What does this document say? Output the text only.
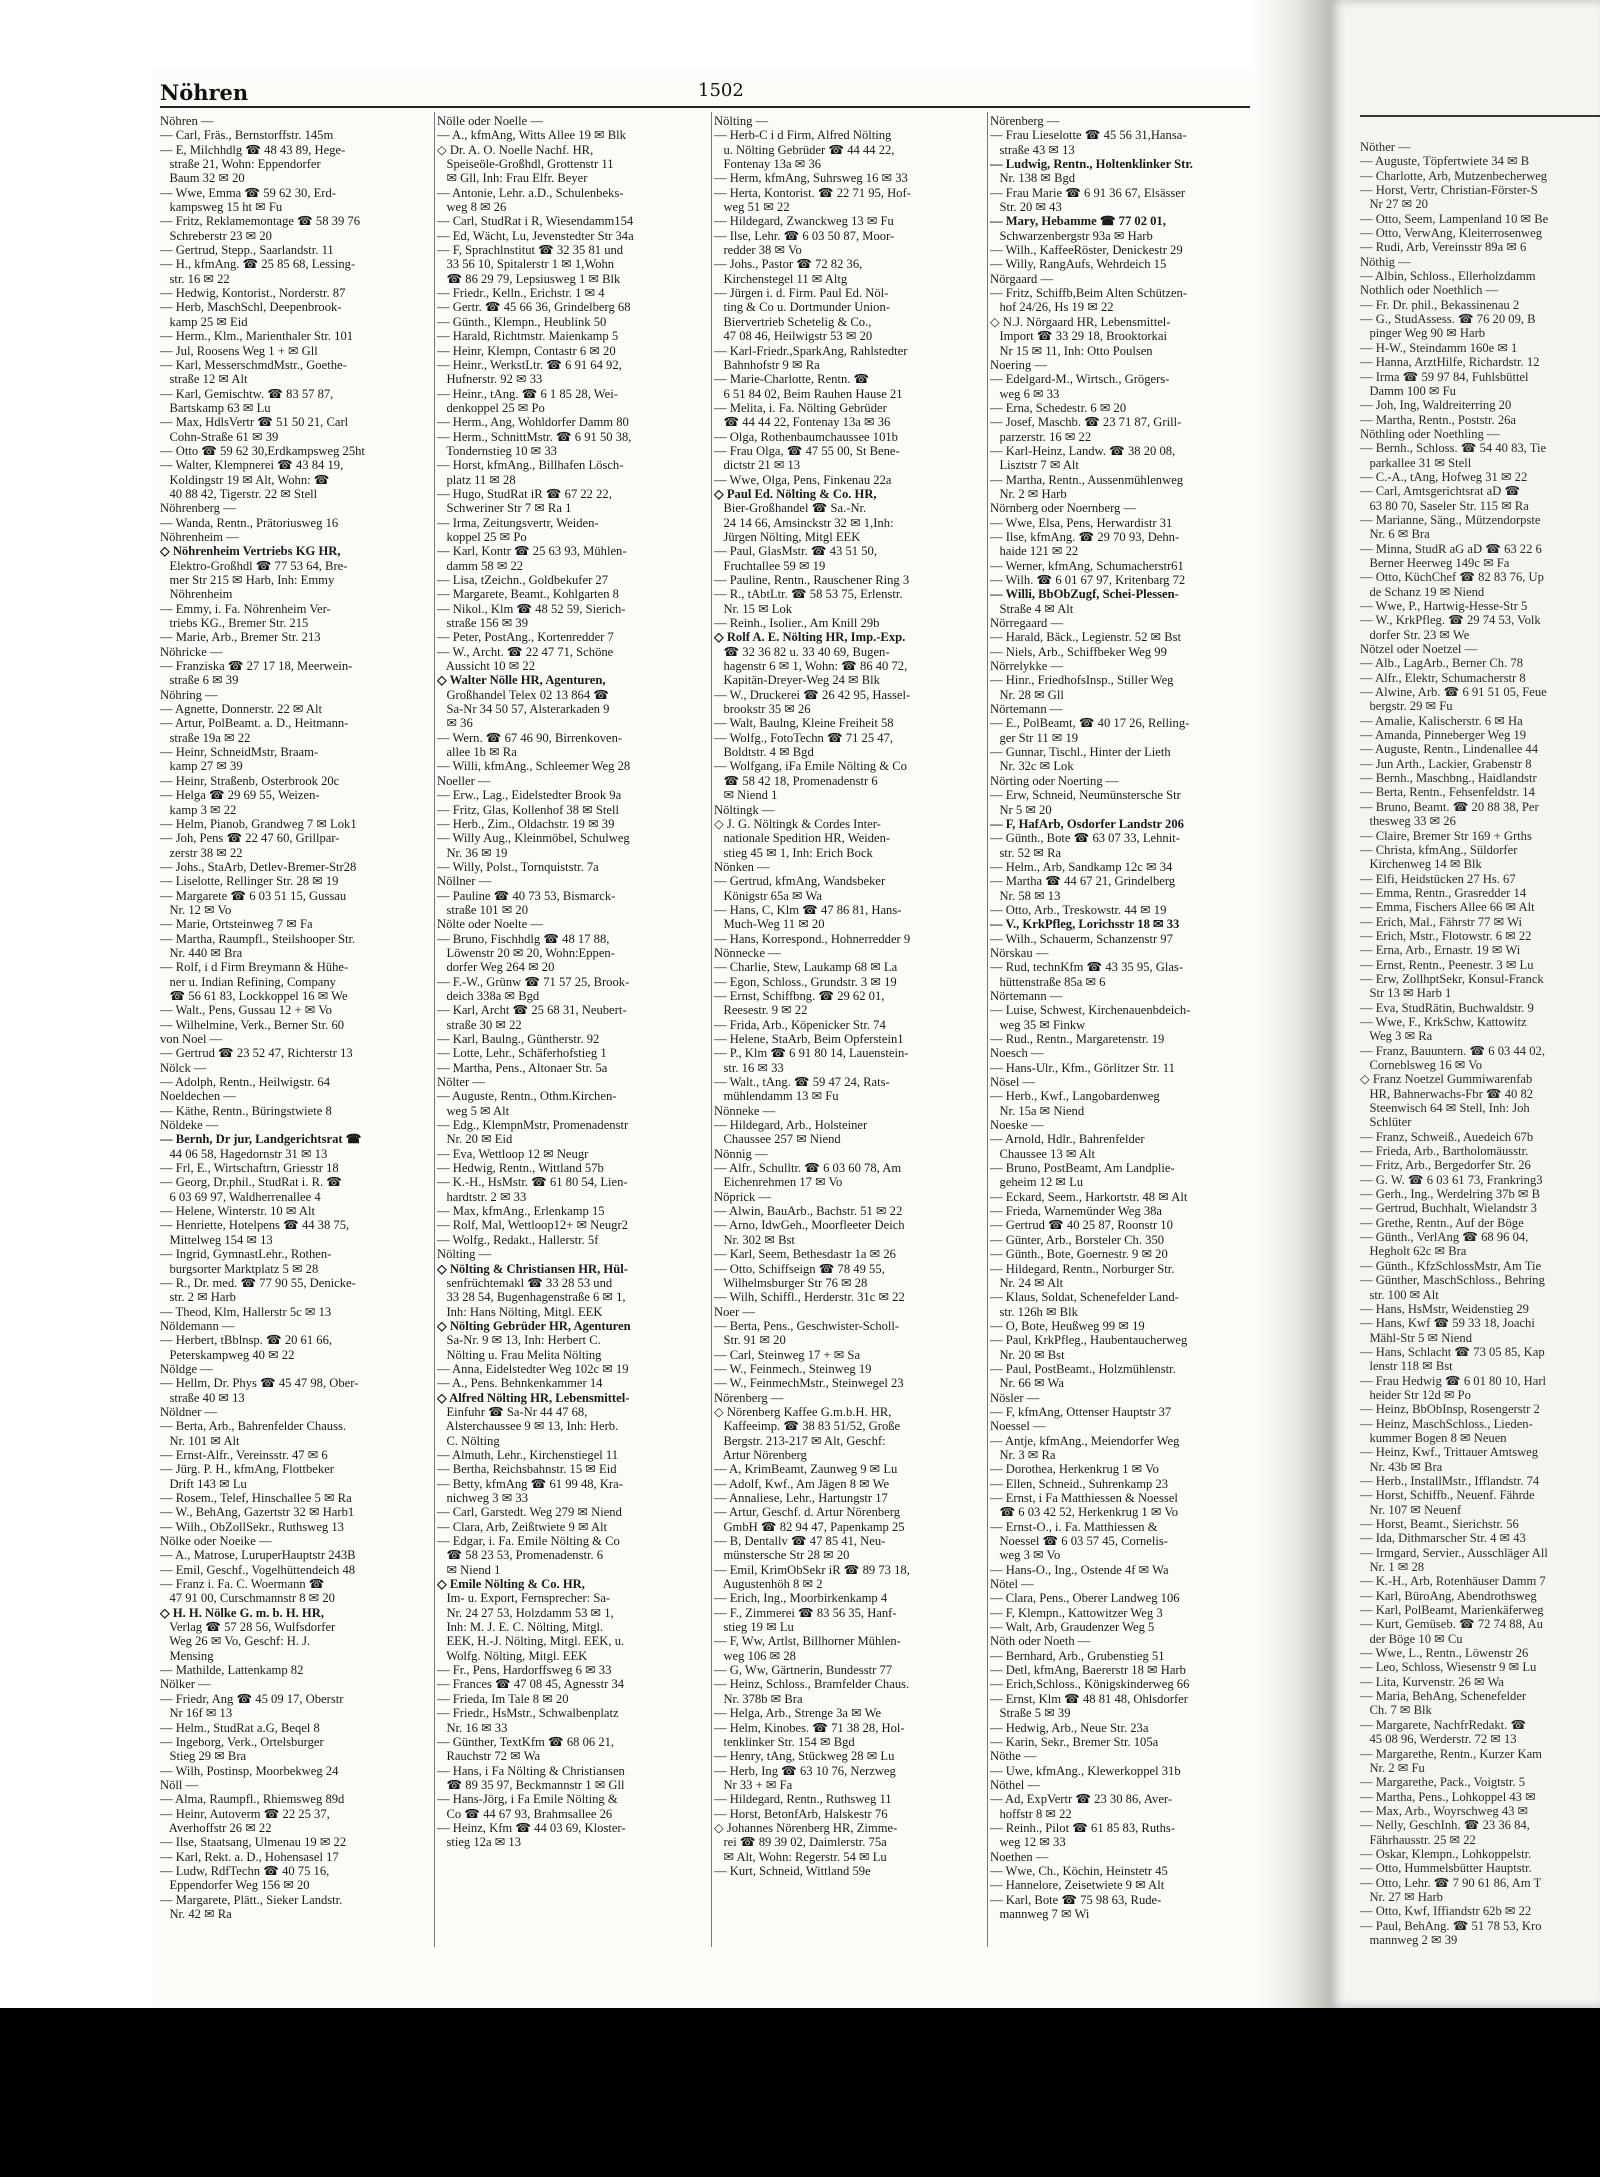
Nöhren	1502
Nöhren —
— Carl, Fräs., Bernstorffstr. 145m
— E, Milchhdlg ☎ 48 43 89, Hege-
straße 21, Wohn: Eppendorfer
Baum 32 ✉ 20
— Wwe, Emma ☎ 59 62 30, Erd-
kampsweg 15 ht ✉ Fu
— Fritz, Reklamemontage ☎ 58 39 76
Schreberstr 23 ✉ 20
— Gertrud, Stepp., Saarlandstr. 11
— H., kfmAng. ☎ 25 85 68, Lessing-
str. 16 ✉ 22
— Hedwig, Kontorist., Norderstr. 87
— Herb, MaschSchl, Deepenbrook-
kamp 25 ✉ Eid
— Herm., Klm., Marienthaler Str. 101
— Jul, Roosens Weg 1 + ✉ Gll
— Karl, MesserschmdMstr., Goethe-
straße 12 ✉ Alt
— Karl, Gemischtw. ☎ 83 57 87,
Bartskamp 63 ✉ Lu
— Max, HdlsVertr ☎ 51 50 21, Carl
Cohn-Straße 61 ✉ 39
— Otto ☎ 59 62 30,Erdkampsweg 25ht
— Walter, Klempnerei ☎ 43 84 19,
Koldingstr 19 ✉ Alt, Wohn: ☎
40 88 42, Tigerstr. 22 ✉ Stell
Nöhrenberg —
— Wanda, Rentn., Prätoriusweg 16
Nöhrenheim —
◇ Nöhrenheim Vertriebs KG HR,
Elektro-Großhdl ☎ 77 53 64, Bre-
mer Str 215 ✉ Harb, Inh: Emmy
Nöhrenheim
— Emmy, i. Fa. Nöhrenheim Ver-
triebs KG., Bremer Str. 215
— Marie, Arb., Bremer Str. 213
Nöhricke —
— Franziska ☎ 27 17 18, Meerwein-
straße 6 ✉ 39
Nöhring —
— Agnette, Donnerstr. 22 ✉ Alt
— Artur, PolBeamt. a. D., Heitmann-
straße 19a ✉ 22
— Heinr, SchneidMstr, Braam-
kamp 27 ✉ 39
— Heinr, Straßenb, Osterbrook 20c
— Helga ☎ 29 69 55, Weizen-
kamp 3 ✉ 22
— Helm, Pianob, Grandweg 7 ✉ Lok1
— Joh, Pens ☎ 22 47 60, Grillpar-
zerstr 38 ✉ 22
— Johs., StaArb, Detlev-Bremer-Str28
— Liselotte, Rellinger Str. 28 ✉ 19
— Margarete ☎ 6 03 51 15, Gussau
Nr. 12 ✉ Vo
— Marie, Ortsteinweg 7 ✉ Fa
— Martha, Raumpfl., Steilshooper Str.
Nr. 440 ✉ Bra
— Rolf, i d Firm Breymann & Hühe-
ner u. Indian Refining, Company
☎ 56 61 83, Lockkoppel 16 ✉ We
— Walt., Pens, Gussau 12 + ✉ Vo
— Wilhelmine, Verk., Berner Str. 60
von Noel —
— Gertrud ☎ 23 52 47, Richterstr 13
Nölck —
— Adolph, Rentn., Heilwigstr. 64
Noeldechen —
— Käthe, Rentn., Büringstwiete 8
Nöldeke —
— Bernh, Dr jur, Landgerichtsrat ☎
44 06 58, Hagedornstr 31 ✉ 13
— Frl, E., Wirtschaftrn, Griesstr 18
— Georg, Dr.phil., StudRat i. R. ☎
6 03 69 97, Waldherrenallee 4
— Helene, Winterstr. 10 ✉ Alt
— Henriette, Hotelpens ☎ 44 38 75,
Mittelweg 154 ✉ 13
— Ingrid, GymnastLehr., Rothen-
burgsorter Marktplatz 5 ✉ 28
— R., Dr. med. ☎ 77 90 55, Denicke-
str. 2 ✉ Harb
— Theod, Klm, Hallerstr 5c ✉ 13
Nöldemann —
— Herbert, tBblnsp. ☎ 20 61 66,
Peterskampweg 40 ✉ 22
Nöldge —
— Hellm, Dr. Phys ☎ 45 47 98, Ober-
straße 40 ✉ 13
Nöldner —
— Berta, Arb., Bahrenfelder Chauss.
Nr. 101 ✉ Alt
— Ernst-Alfr., Vereinsstr. 47 ✉ 6
— Jürg. P. H., kfmAng, Flottbeker
Drift 143 ✉ Lu
— Rosem., Telef, Hinschallee 5 ✉ Ra
— W., BehAng, Gazertstr 32 ✉ Harb1
— Wilh., ObZollSekr., Ruthsweg 13
Nölke oder Noeike —
— A., Matrose, LuruperHauptstr 243B
— Emil, Geschf., Vogelhüttendeich 48
— Franz i. Fa. C. Woermann ☎
47 91 00, Curschmannstr 8 ✉ 20
◇ H. H. Nölke G. m. b. H. HR,
Verlag ☎ 57 28 56, Wulfsdorfer
Weg 26 ✉ Vo, Geschf: H. J.
Mensing
— Mathilde, Lattenkamp 82
Nölker —
— Friedr, Ang ☎ 45 09 17, Oberstr
Nr 16f ✉ 13
— Helm., StudRat a.G, Beqel 8
— Ingeborg, Verk., Ortelsburger
Stieg 29 ✉ Bra
— Wilh, Postinsp, Moorbekweg 24
Nöll —
— Alma, Raumpfl., Rhiemsweg 89d
— Heinr, Autoverm ☎ 22 25 37,
Averhoffstr 26 ✉ 22
— Ilse, Staatsang, Ulmenau 19 ✉ 22
— Karl, Rekt. a. D., Hohensasel 17
— Ludw, RdfTechn ☎ 40 75 16,
Eppendorfer Weg 156 ✉ 20
— Margarete, Plätt., Sieker Landstr.
Nr. 42 ✉ Ra
Nölle oder Noelle —
— A., kfmAng, Witts Allee 19 ✉ Blk
◇ Dr. A. O. Noelle Nachf. HR,
Speiseöle-Großhdl, Grottenstr 11
✉ Gll, Inh: Frau Elfr. Beyer
— Antonie, Lehr. a.D., Schulenbeks-
weg 8 ✉ 26
— Carl, StudRat i R, Wiesendamm154
— Ed, Wächt, Lu, Jevenstedter Str 34a
— F, Sprachlnstitut ☎ 32 35 81 und
33 56 10, Spitalerstr 1 ✉ 1,Wohn
☎ 86 29 79, Lepsiusweg 1 ✉ Blk
— Friedr., Kelln., Erichstr. 1 ✉ 4
— Gertr. ☎ 45 66 36, Grindelberg 68
— Günth., Klempn., Heublink 50
— Harald, Richtmstr. Maienkamp 5
— Heinr, Klempn, Contastr 6 ✉ 20
— Heinr., WerkstLtr. ☎ 6 91 64 92,
Hufnerstr. 92 ✉ 33
— Heinr., tAng. ☎ 6 1 85 28, Wei-
denkoppel 25 ✉ Po
— Herm., Ang, Wohldorfer Damm 80
— Herm., SchnittMstr. ☎ 6 91 50 38,
Tondernstieg 10 ✉ 33
— Horst, kfmAng., Billhafen Lösch-
platz 11 ✉ 28
— Hugo, StudRat iR ☎ 67 22 22,
Schweriner Str 7 ✉ Ra 1
— Irma, Zeitungsvertr, Weiden-
koppel 25 ✉ Po
— Karl, Kontr ☎ 25 63 93, Mühlen-
damm 58 ✉ 22
— Lisa, tZeichn., Goldbekufer 27
— Margarete, Beamt., Kohlgarten 8
— Nikol., Klm ☎ 48 52 59, Sierich-
straße 156 ✉ 39
— Peter, PostAng., Kortenredder 7
— W., Archt. ☎ 22 47 71, Schöne
Aussicht 10 ✉ 22
◇ Walter Nölle HR, Agenturen,
Großhandel Telex 02 13 864 ☎
Sa-Nr 34 50 57, Alsterarkaden 9
✉ 36
— Wern. ☎ 67 46 90, Birrenkoven-
allee 1b ✉ Ra
— Willi, kfmAng., Schleemer Weg 28
Noeller —
— Erw., Lag., Eidelstedter Brook 9a
— Fritz, Glas, Kollenhof 38 ✉ Stell
— Herb., Zim., Oldachstr. 19 ✉ 39
— Willy Aug., Kleinmöbel, Schulweg
Nr. 36 ✉ 19
— Willy, Polst., Tornquiststr. 7a
Nöllner —
— Pauline ☎ 40 73 53, Bismarck-
straße 101 ✉ 20
Nölte oder Noelte —
— Bruno, Fischhdlg ☎ 48 17 88,
Löwenstr 20 ✉ 20, Wohn:Eppen-
dorfer Weg 264 ✉ 20
— F.-W., Grünw ☎ 71 57 25, Brook-
deich 338a ✉ Bgd
— Karl, Archt ☎ 25 68 31, Neubert-
straße 30 ✉ 22
— Karl, Baulng., Güntherstr. 92
— Lotte, Lehr., Schäferhofstieg 1
— Martha, Pens., Altonaer Str. 5a
Nölter —
— Auguste, Rentn., Othm.Kirchen-
weg 5 ✉ Alt
— Edg., KlempnMstr, Promenadenstr
Nr. 20 ✉ Eid
— Eva, Wettloop 12 ✉ Neugr
— Hedwig, Rentn., Wittland 57b
— K.-H., HsMstr. ☎ 61 80 54, Lien-
hardtstr. 2 ✉ 33
— Max, kfmAng., Erlenkamp 15
— Rolf, Mal, Wettloop12+ ✉ Neugr2
— Wolfg., Redakt., Hallerstr. 5f
Nölting —
◇ Nölting & Christiansen HR, Hül-
senfrüchtemakl ☎ 33 28 53 und
33 28 54, Bugenhagenstraße 6 ✉ 1,
Inh: Hans Nölting, Mitgl. EEK
◇ Nölting Gebrüder HR, Agenturen
Sa-Nr. 9 ✉ 13, Inh: Herbert C.
Nölting u. Frau Melita Nölting
— Anna, Eidelstedter Weg 102c ✉ 19
— A., Pens. Behnkenkammer 14
◇ Alfred Nölting HR, Lebensmittel-
Einfuhr ☎ Sa-Nr 44 47 68,
Alsterchaussee 9 ✉ 13, Inh: Herb.
C. Nölting
— Almuth, Lehr., Kirchenstiegel 11
— Bertha, Reichsbahnstr. 15 ✉ Eid
— Betty, kfmAng ☎ 61 99 48, Kra-
nichweg 3 ✉ 33
— Carl, Garstedt. Weg 279 ✉ Niend
— Clara, Arb, Zeißtwiete 9 ✉ Alt
— Edgar, i. Fa. Emile Nölting & Co
☎ 58 23 53, Promenadenstr. 6
✉ Niend 1
◇ Emile Nölting & Co. HR,
Im- u. Export, Fernsprecher: Sa-
Nr. 24 27 53, Holzdamm 53 ✉ 1,
Inh: M. J. E. C. Nölting, Mitgl.
EEK, H.-J. Nölting, Mitgl. EEK, u.
Wolfg. Nölting, Mitgl. EEK
— Fr., Pens, Hardorffsweg 6 ✉ 33
— Frances ☎ 47 08 45, Agnesstr 34
— Frieda, Im Tale 8 ✉ 20
— Friedr., HsMstr., Schwalbenplatz
Nr. 16 ✉ 33
— Günther, TextKfm ☎ 68 06 21,
Rauchstr 72 ✉ Wa
— Hans, i Fa Nölting & Christiansen
☎ 89 35 97, Beckmannstr 1 ✉ Gll
— Hans-Jörg, i Fa Emile Nölting &
Co ☎ 44 67 93, Brahmsallee 26
— Heinz, Kfm ☎ 44 03 69, Kloster-
stieg 12a ✉ 13
Nölting —
— Herb-C i d Firm, Alfred Nölting
u. Nölting Gebrüder ☎ 44 44 22,
Fontenay 13a ✉ 36
— Herm, kfmAng, Suhrsweg 16 ✉ 33
— Herta, Kontorist. ☎ 22 71 95, Hof-
weg 51 ✉ 22
— Hildegard, Zwanckweg 13 ✉ Fu
— Ilse, Lehr. ☎ 6 03 50 87, Moor-
redder 38 ✉ Vo
— Johs., Pastor ☎ 72 82 36,
Kirchenstegel 11 ✉ Altg
— Jürgen i. d. Firm. Paul Ed. Nöl-
ting & Co u. Dortmunder Union-
Biervertrieb Schetelig & Co.,
47 08 46, Heilwigstr 53 ✉ 20
— Karl-Friedr.,SparkAng, Rahlstedter
Bahnhofstr 9 ✉ Ra
— Marie-Charlotte, Rentn. ☎
6 51 84 02, Beim Rauhen Hause 21
— Melita, i. Fa. Nölting Gebrüder
☎ 44 44 22, Fontenay 13a ✉ 36
— Olga, Rothenbaumchaussee 101b
— Frau Olga, ☎ 47 55 00, St Bene-
dictstr 21 ✉ 13
— Wwe, Olga, Pens, Finkenau 22a
◇ Paul Ed. Nölting & Co. HR,
Bier-Großhandel ☎ Sa.-Nr.
24 14 66, Amsinckstr 32 ✉ 1,Inh:
Jürgen Nölting, Mitgl EEK
— Paul, GlasMstr. ☎ 43 51 50,
Fruchtallee 59 ✉ 19
— Pauline, Rentn., Rauschener Ring 3
— R., tAbtLtr. ☎ 58 53 75, Erlenstr.
Nr. 15 ✉ Lok
— Reinh., Isolier., Am Knill 29b
◇ Rolf A. E. Nölting HR, Imp.-Exp.
☎ 32 36 82 u. 33 40 69, Bugen-
hagenstr 6 ✉ 1, Wohn: ☎ 86 40 72,
Kapitän-Dreyer-Weg 24 ✉ Blk
— W., Druckerei ☎ 26 42 95, Hassel-
brookstr 35 ✉ 26
— Walt, Baulng, Kleine Freiheit 58
— Wolfg., FotoTechn ☎ 71 25 47,
Boldtstr. 4 ✉ Bgd
— Wolfgang, iFa Emile Nölting & Co
☎ 58 42 18, Promenadenstr 6
✉ Niend 1
Nöltingk —
◇ J. G. Nöltingk & Cordes Inter-
nationale Spedition HR, Weiden-
stieg 45 ✉ 1, Inh: Erich Bock
Nönken —
— Gertrud, kfmAng, Wandsbeker
Königstr 65a ✉ Wa
— Hans, C, Klm ☎ 47 86 81, Hans-
Much-Weg 11 ✉ 20
— Hans, Korrespond., Hohnerredder 9
Nönnecke —
— Charlie, Stew, Laukamp 68 ✉ La
— Egon, Schloss., Grundstr. 3 ✉ 19
— Ernst, Schiffbng. ☎ 29 62 01,
Reesestr. 9 ✉ 22
— Frida, Arb., Köpenicker Str. 74
— Helene, StaArb, Beim Opferstein1
— P., Klm ☎ 6 91 80 14, Lauenstein-
str. 16 ✉ 33
— Walt., tAng. ☎ 59 47 24, Rats-
mühlendamm 13 ✉ Fu
Nönneke —
— Hildegard, Arb., Holsteiner
Chaussee 257 ✉ Niend
Nönnig —
— Alfr., Schulltr. ☎ 6 03 60 78, Am
Eichenrehmen 17 ✉ Vo
Nöprick —
— Alwin, BauArb., Bachstr. 51 ✉ 22
— Arno, IdwGeh., Moorfleeter Deich
Nr. 302 ✉ Bst
— Karl, Seem, Bethesdastr 1a ✉ 26
— Otto, Schiffseign ☎ 78 49 55,
Wilhelmsburger Str 76 ✉ 28
— Wilh, Schiffl., Herderstr. 31c ✉ 22
Noer —
— Berta, Pens., Geschwister-Scholl-
Str. 91 ✉ 20
— Carl, Steinweg 17 + ✉ Sa
— W., Feinmech., Steinweg 19
— W., FeinmechMstr., Steinwegel 23
Nörenberg —
◇ Nörenberg Kaffee G.m.b.H. HR,
Kaffeeimp. ☎ 38 83 51/52, Große
Bergstr. 213-217 ✉ Alt, Geschf:
Artur Nörenberg
— A, KrimBeamt, Zaunweg 9 ✉ Lu
— Adolf, Kwf., Am Jägen 8 ✉ We
— Annaliese, Lehr., Hartungstr 17
— Artur, Geschf. d. Artur Nörenberg
GmbH ☎ 82 94 47, Papenkamp 25
— B, Dentallv ☎ 47 85 41, Neu-
münstersche Str 28 ✉ 20
— Emil, KrimObSekr iR ☎ 89 73 18,
Augustenhöh 8 ✉ 2
— Erich, Ing., Moorbirkenkamp 4
— F., Zimmerei ☎ 83 56 35, Hanf-
stieg 19 ✉ Lu
— F, Ww, Artlst, Billhorner Mühlen-
weg 106 ✉ 28
— G, Ww, Gärtnerin, Bundesstr 77
— Heinz, Schloss., Bramfelder Chaus.
Nr. 378b ✉ Bra
— Helga, Arb., Strenge 3a ✉ We
— Helm, Kinobes. ☎ 71 38 28, Hol-
tenklinker Str. 154 ✉ Bgd
— Henry, tAng, Stückweg 28 ✉ Lu
— Herb, Ing ☎ 63 10 76, Nerzweg
Nr 33 + ✉ Fa
— Hildegard, Rentn., Ruthsweg 11
— Horst, BetonfArb, Halskestr 76
◇ Johannes Nörenberg HR, Zimme-
rei ☎ 89 39 02, Daimlerstr. 75a
✉ Alt, Wohn: Regerstr. 54 ✉ Lu
— Kurt, Schneid, Wittland 59e
Nörenberg —
— Frau Lieselotte ☎ 45 56 31,Hansa-
straße 43 ✉ 13
— Ludwig, Rentn., Holtenklinker Str.
Nr. 138 ✉ Bgd
— Frau Marie ☎ 6 91 36 67, Elsässer
Str. 20 ✉ 43
— Mary, Hebamme ☎ 77 02 01,
Schwarzenbergstr 93a ✉ Harb
— Wilh., KaffeeRöster, Denickestr 29
— Willy, RangAufs, Wehrdeich 15
Nörgaard —
— Fritz, Schiffb,Beim Alten Schützen-
hof 24/26, Hs 19 ✉ 22
◇ N.J. Nörgaard HR, Lebensmittel-
Import ☎ 33 29 18, Brooktorkai
Nr 15 ✉ 11, Inh: Otto Poulsen
Noering —
— Edelgard-M., Wirtsch., Grögers-
weg 6 ✉ 33
— Erna, Schedestr. 6 ✉ 20
— Josef, Maschb. ☎ 23 71 87, Grill-
parzerstr. 16 ✉ 22
— Karl-Heinz, Landw. ☎ 38 20 08,
Lisztstr 7 ✉ Alt
— Martha, Rentn., Aussenmühlenweg
Nr. 2 ✉ Harb
Nörnberg oder Noernberg —
— Wwe, Elsa, Pens, Herwardistr 31
— Ilse, kfmAng. ☎ 29 70 93, Dehn-
haide 121 ✉ 22
— Werner, kfmAng, Schumacherstr61
— Wilh. ☎ 6 01 67 97, Kritenbarg 72
— Willi, BbObZugf, Schei-Plessen-
Straße 4 ✉ Alt
Nörregaard —
— Harald, Bäck., Legienstr. 52 ✉ Bst
— Niels, Arb., Schiffbeker Weg 99
Nörrelykke —
— Hinr., FriedhofsInsp., Stiller Weg
Nr. 28 ✉ Gll
Nörtemann —
— E., PolBeamt, ☎ 40 17 26, Relling-
ger Str 11 ✉ 19
— Gunnar, Tischl., Hinter der Lieth
Nr. 32c ✉ Lok
Nörting oder Noerting —
— Erw, Schneid, Neumünstersche Str
Nr 5 ✉ 20
— F, HafArb, Osdorfer Landstr 206
— Günth., Bote ☎ 63 07 33, Lehnit-
str. 52 ✉ Ra
— Helm., Arb, Sandkamp 12c ✉ 34
— Martha ☎ 44 67 21, Grindelberg
Nr. 58 ✉ 13
— Otto, Arb., Treskowstr. 44 ✉ 19
— V., KrkPfleg, Lorichsstr 18 ✉ 33
— Wilh., Schauerm, Schanzenstr 97
Nörskau —
— Rud, technKfm ☎ 43 35 95, Glas-
hüttenstraße 85a ✉ 6
Nörtemann —
— Luise, Schwest, Kirchenauenbdeich-
weg 35 ✉ Finkw
— Rud., Rentn., Margaretenstr. 19
Noesch —
— Hans-Ulr., Kfm., Görlitzer Str. 11
Nösel —
— Herb., Kwf., Langobardenweg
Nr. 15a ✉ Niend
Noeske —
— Arnold, Hdlr., Bahrenfelder
Chaussee 13 ✉ Alt
— Bruno, PostBeamt, Am Landplie-
geheim 12 ✉ Lu
— Eckard, Seem., Harkortstr. 48 ✉ Alt
— Frieda, Warnemünder Weg 38a
— Gertrud ☎ 40 25 87, Roonstr 10
— Günter, Arb., Borsteler Ch. 350
— Günth., Bote, Goernestr. 9 ✉ 20
— Hildegard, Rentn., Norburger Str.
Nr. 24 ✉ Alt
— Klaus, Soldat, Schenefelder Land-
str. 126h ✉ Blk
— O, Bote, Heußweg 99 ✉ 19
— Paul, KrkPfleg., Haubentaucherweg
Nr. 20 ✉ Bst
— Paul, PostBeamt., Holzmühlenstr.
Nr. 66 ✉ Wa
Nösler —
— F, kfmAng, Ottenser Hauptstr 37
Noessel —
— Antje, kfmAng., Meiendorfer Weg
Nr. 3 ✉ Ra
— Dorothea, Herkenkrug 1 ✉ Vo
— Ellen, Schneid., Suhrenkamp 23
— Ernst, i Fa Matthiessen & Noessel
☎ 6 03 42 52, Herkenkrug 1 ✉ Vo
— Ernst-O., i. Fa. Matthiessen &
Noessel ☎ 6 03 57 45, Cornelis-
weg 3 ✉ Vo
— Hans-O., Ing., Ostende 4f ✉ Wa
Nötel —
— Clara, Pens., Oberer Landweg 106
— F, Klempn., Kattowitzer Weg 3
— Walt, Arb, Graudenzer Weg 5
Nöth oder Noeth —
— Bernhard, Arb., Grubenstieg 51
— Detl, kfmAng, Baererstr 18 ✉ Harb
— Erich,Schloss., Königskinderweg 66
— Ernst, Klm ☎ 48 81 48, Ohlsdorfer
Straße 5 ✉ 39
— Hedwig, Arb., Neue Str. 23a
— Karin, Sekr., Bremer Str. 105a
Nöthe —
— Uwe, kfmAng., Klewerkoppel 31b
Nöthel —
— Ad, ExpVertr ☎ 23 30 86, Aver-
hoffstr 8 ✉ 22
— Reinh., Pilot ☎ 61 85 83, Ruths-
weg 12 ✉ 33
Noethen —
— Wwe, Ch., Köchin, Heinstetr 45
— Hannelore, Zeisetwiete 9 ✉ Alt
— Karl, Bote ☎ 75 98 63, Rude-
mannweg 7 ✉ Wi
Nöther —
— Auguste, Töpfertwiete 34 ✉ B
— Charlotte, Arb, Mutzenbecherweg
— Horst, Vertr, Christian-Förster-S
Nr 27 ✉ 20
— Otto, Seem, Lampenland 10 ✉ Be
— Otto, VerwAng, Kleiterrosenweg
— Rudi, Arb, Vereinsstr 89a ✉ 6
Nöthig —
— Albin, Schloss., Ellerholzdamm
Nothlich oder Noethlich —
— Fr. Dr. phil., Bekassinenau 2
— G., StudAssess. ☎ 76 20 09, B
pinger Weg 90 ✉ Harb
— H-W., Steindamm 160e ✉ 1
— Hanna, ArztHilfe, Richardstr. 12
— Irma ☎ 59 97 84, Fuhlsbüttel
Damm 100 ✉ Fu
— Joh, Ing, Waldreiterring 20
— Martha, Rentn., Poststr. 26a
Nöthling oder Noethling —
— Bernh., Schloss. ☎ 54 40 83, Tie
parkallee 31 ✉ Stell
— C.-A., tAng, Hofweg 31 ✉ 22
— Carl, Amtsgerichtsrat aD ☎
63 80 70, Saseler Str. 115 ✉ Ra
— Marianne, Säng., Mützendorpste
Nr. 6 ✉ Bra
— Minna, StudR aG aD ☎ 63 22 6
Berner Heerweg 149c ✉ Fa
— Otto, KüchChef ☎ 82 83 76, Up
de Schanz 19 ✉ Niend
— Wwe, P., Hartwig-Hesse-Str 5
— W., KrkPfleg. ☎ 29 74 53, Volk
dorfer Str. 23 ✉ We
Nötzel oder Noetzel —
— Alb., LagArb., Berner Ch. 78
— Alfr., Elektr, Schumacherstr 8
— Alwine, Arb. ☎ 6 91 51 05, Feue
bergstr. 29 ✉ Fu
— Amalie, Kalischerstr. 6 ✉ Ha
— Amanda, Pinneberger Weg 19
— Auguste, Rentn., Lindenallee 44
— Jun Arth., Lackier, Grabenstr 8
— Bernh., Maschbng., Haidlandstr
— Berta, Rentn., Fehsenfeldstr. 14
— Bruno, Beamt. ☎ 20 88 38, Per
thesweg 33 ✉ 26
— Claire, Bremer Str 169 + Grths
— Christa, kfmAng., Süldorfer
Kirchenweg 14 ✉ Blk
— Elfi, Heidstücken 27 Hs. 67
— Emma, Rentn., Grasredder 14
— Emma, Fischers Allee 66 ✉ Alt
— Erich, Mal., Fährstr 77 ✉ Wi
— Erich, Mstr., Flotowstr. 6 ✉ 22
— Erna, Arb., Ernastr. 19 ✉ Wi
— Ernst, Rentn., Peenestr. 3 ✉ Lu
— Erw, ZollhptSekr, Konsul-Franck
Str 13 ✉ Harb 1
— Eva, StudRätin, Buchwaldstr. 9
— Wwe, F., KrkSchw, Kattowitz
Weg 3 ✉ Ra
— Franz, Bauuntern. ☎ 6 03 44 02,
Corneblsweg 16 ✉ Vo
◇ Franz Noetzel Gummiwarenfab
HR, Bahnerwachs-Fbr ☎ 40 82
Steenwisch 64 ✉ Stell, Inh: Joh
Schlüter
— Franz, Schweiß., Auedeich 67b
— Frieda, Arb., Bartholomäusstr.
— Fritz, Arb., Bergedorfer Str. 26
— G. W. ☎ 6 03 61 73, Frankring3
— Gerh., Ing., Werdelring 37b ✉ B
— Gertrud, Buchhalt, Wielandstr 3
— Grethe, Rentn., Auf der Böge
— Günth., VerlAng ☎ 68 96 04,
Hegholt 62c ✉ Bra
— Günth., KfzSchlossMstr, Am Tie
— Günther, MaschSchloss., Behring
str. 100 ✉ Alt
— Hans, HsMstr, Weidenstieg 29
— Hans, Kwf ☎ 59 33 18, Joachi
Mähl-Str 5 ✉ Niend
— Hans, Schlacht ☎ 73 05 85, Kap
lenstr 118 ✉ Bst
— Frau Hedwig ☎ 6 01 80 10, Harl
heider Str 12d ✉ Po
— Heinz, BbObInsp, Rosengerstr 2
— Heinz, MaschSchloss., Lieden-
kummer Bogen 8 ✉ Neuen
— Heinz, Kwf., Trittauer Amtsweg
Nr. 43b ✉ Bra
— Herb., InstallMstr., Ifflandstr. 74
— Horst, Schiffb., Neuenf. Fährde
Nr. 107 ✉ Neuenf
— Horst, Beamt., Sierichstr. 56
— Ida, Dithmarscher Str. 4 ✉ 43
— Irmgard, Servier., Ausschläger All
Nr. 1 ✉ 28
— K.-H., Arb, Rotenhäuser Damm 7
— Karl, BüroAng, Abendrothsweg
— Karl, PolBeamt, Marienkäferweg
— Kurt, Gemüseb. ☎ 72 74 88, Au
der Böge 10 ✉ Cu
— Wwe, L., Rentn., Löwenstr 26
— Leo, Schloss, Wiesenstr 9 ✉ Lu
— Lita, Kurvenstr. 26 ✉ Wa
— Maria, BehAng, Schenefelder
Ch. 7 ✉ Blk
— Margarete, NachfrRedakt. ☎
45 08 96, Werderstr. 72 ✉ 13
— Margarethe, Rentn., Kurzer Kam
Nr. 2 ✉ Fu
— Margarethe, Pack., Voigtstr. 5
— Martha, Pens., Lohkoppel 43 ✉
— Max, Arb., Woyrschweg 43 ✉
— Nelly, GeschInh. ☎ 23 36 84,
Fährhausstr. 25 ✉ 22
— Oskar, Klempn., Lohkoppelstr.
— Otto, Hummelsbütter Hauptstr.
— Otto, Lehr. ☎ 7 90 61 86, Am T
Nr. 27 ✉ Harb
— Otto, Kwf, Iffiandstr 62b ✉ 22
— Paul, BehAng. ☎ 51 78 53, Kro
mannweg 2 ✉ 39
